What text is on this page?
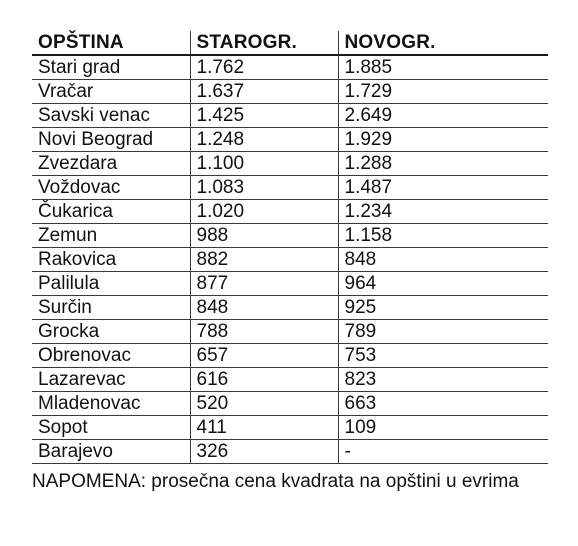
OPŠTINA	STAROGR.	NOVOGR.
Stari grad	1.762	1.885
Vračar	1.637	1.729
Savski venac	1.425	2.649
Novi Beograd	1.248	1.929
Zvezdara	1.100	1.288
Voždovac	1.083	1.487
Čukarica	1.020	1.234
Zemun	988	1.158
Rakovica	882	848
Palilula	877	964
Surčin	848	925
Grocka	788	789
Obrenovac	657	753
Lazarevac	616	823
Mladenovac	520	663
Sopot	411	109
Barajevo	326	-
NAPOMENA: prosečna cena kvadrata na opštini u evrima
